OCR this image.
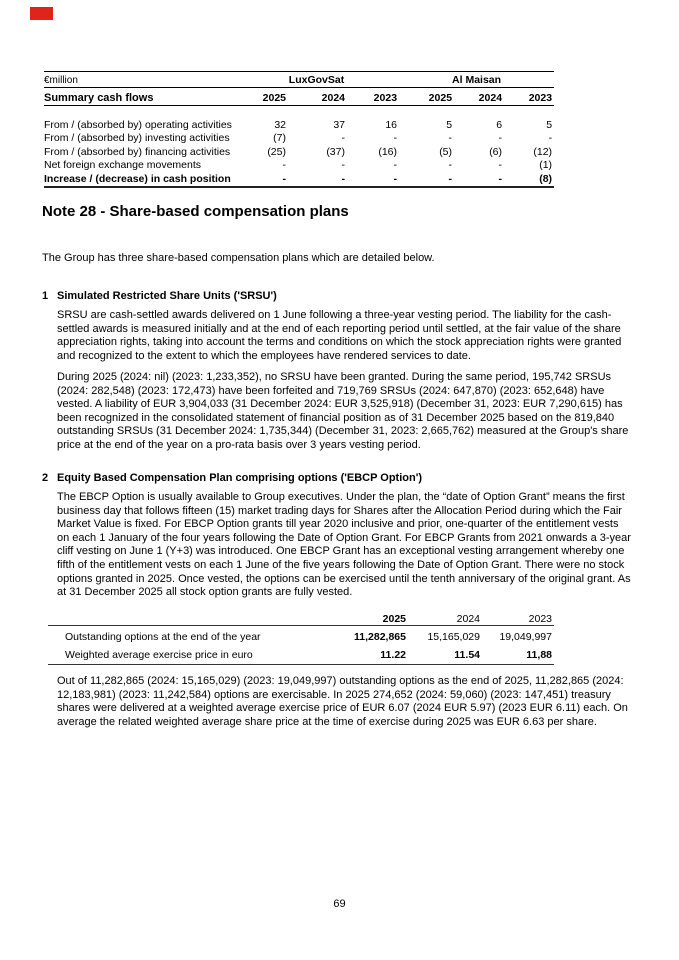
€million	LuxGovSat			Al Maisan		
Summary cash flows	2025	2024	2023	2025	2024	2023

From / (absorbed by) operating activities	32	37	16	5	6	5
From / (absorbed by) investing activities	(7)	-	-	-	-	-
From / (absorbed by) financing activities	(25)	(37)	(16)	(5)	(6)	(12)
Net foreign exchange movements	-	-	-	-	-	(1)
Increase / (decrease) in cash position	-	-	-	-	-	(8)
Note 28 - Share-based compensation plans

The Group has three share-based compensation plans which are detailed below.

1 Simulated Restricted Share Units ('SRSU')

SRSU are cash-settled awards delivered on 1 June following a three-year vesting period. The liability for the cash-settled awards is measured initially and at the end of each reporting period until settled, at the fair value of the share appreciation rights, taking into account the terms and conditions on which the stock appreciation rights were granted and recognized to the extent to which the employees have rendered services to date.

During 2025 (2024: nil) (2023: 1,233,352), no SRSU have been granted. During the same period, 195,742 SRSUs (2024: 282,548) (2023: 172,473) have been forfeited and 719,769 SRSUs (2024: 647,870) (2023: 652,648) have vested. A liability of EUR 3,904,033 (31 December 2024: EUR 3,525,918) (December 31, 2023: EUR 7,290,615) has been recognized in the consolidated statement of financial position as of 31 December 2025 based on the 819,840 outstanding SRSUs (31 December 2024: 1,735,344) (December 31, 2023: 2,665,762) measured at the Group's share price at the end of the year on a pro-rata basis over 3 years vesting period.

2 Equity Based Compensation Plan comprising options ('EBCP Option')

The EBCP Option is usually available to Group executives. Under the plan, the “date of Option Grant” means the first business day that follows fifteen (15) market trading days for Shares after the Allocation Period during which the Fair Market Value is fixed. For EBCP Option grants till year 2020 inclusive and prior, one-quarter of the entitlement vests on each 1 January of the four years following the Date of Option Grant. For EBCP Grants from 2021 onwards a 3-year cliff vesting on June 1 (Y+3) was introduced. One EBCP Grant has an exceptional vesting arrangement whereby one fifth of the entitlement vests on each 1 June of the five years following the Date of Option Grant. There were no stock options granted in 2025. Once vested, the options can be exercised until the tenth anniversary of the original grant. As at 31 December 2025 all stock option grants are fully vested.

	2025	2024	2023
Outstanding options at the end of the year	11,282,865	15,165,029	19,049,997
Weighted average exercise price in euro	11.22	11.54	11,88

Out of 11,282,865 (2024: 15,165,029) (2023: 19,049,997) outstanding options as the end of 2025, 11,282,865 (2024: 12,183,981) (2023: 11,242,584) options are exercisable. In 2025 274,652 (2024: 59,060) (2023: 147,451) treasury shares were delivered at a weighted average exercise price of EUR 6.07 (2024 EUR 5.97) (2023 EUR 6.11) each. On average the related weighted average share price at the time of exercise during 2025 was EUR 6.63 per share.

69
